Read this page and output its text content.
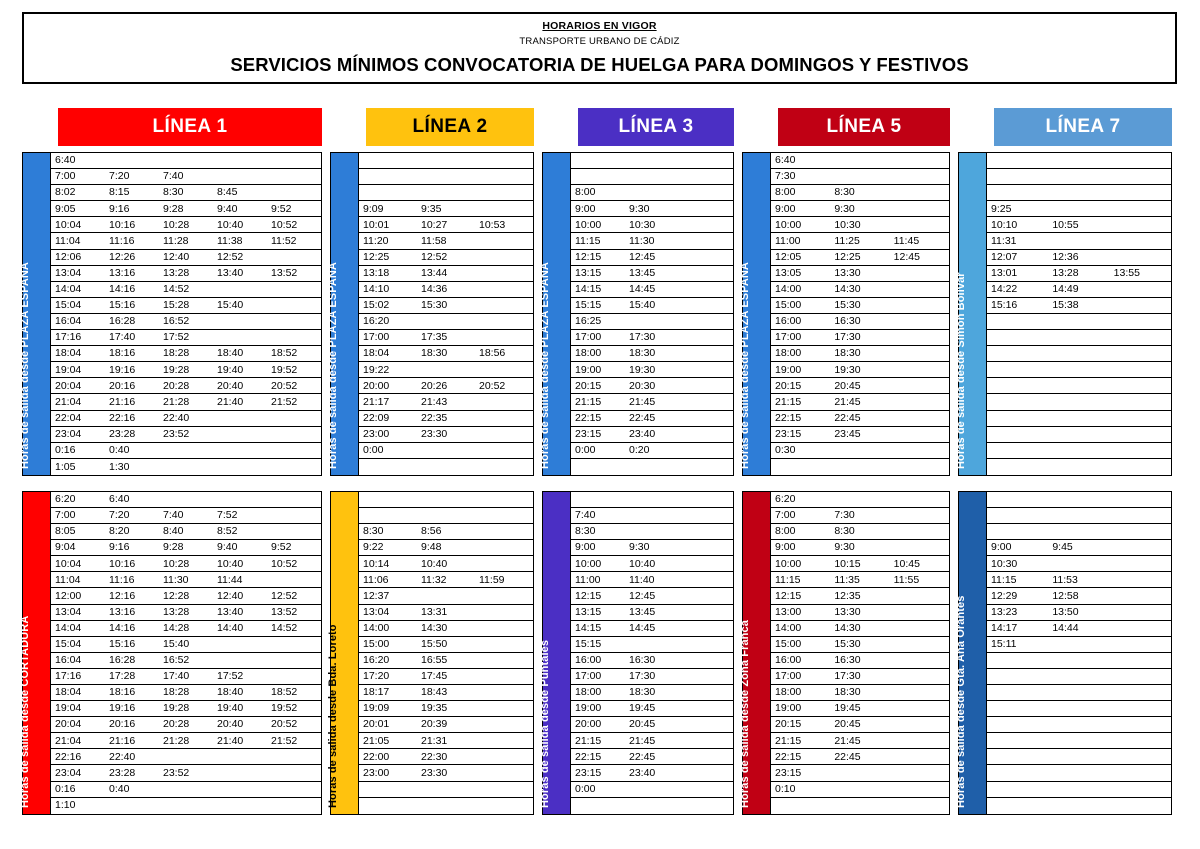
HORARIOS EN VIGOR
TRANSPORTE URBANO DE CÁDIZ
SERVICIOS MÍNIMOS CONVOCATORIA DE HUELGA PARA DOMINGOS Y FESTIVOS
LÍNEA 1
Horas de salida desde PLAZA ESPAÑA
6:40
7:00	7:20	7:40
8:02	8:15	8:30	8:45
9:05	9:16	9:28	9:40	9:52
10:04	10:16	10:28	10:40	10:52
11:04	11:16	11:28	11:38	11:52
12:06	12:26	12:40	12:52
13:04	13:16	13:28	13:40	13:52
14:04	14:16	14:52
15:04	15:16	15:28	15:40
16:04	16:28	16:52
17:16	17:40	17:52
18:04	18:16	18:28	18:40	18:52
19:04	19:16	19:28	19:40	19:52
20:04	20:16	20:28	20:40	20:52
21:04	21:16	21:28	21:40	21:52
22:04	22:16	22:40
23:04	23:28	23:52
0:16	0:40
1:05	1:30
Horas de salida desde CORTADURA
6:20	6:40
7:00	7:20	7:40	7:52
8:05	8:20	8:40	8:52
9:04	9:16	9:28	9:40	9:52
10:04	10:16	10:28	10:40	10:52
11:04	11:16	11:30	11:44
12:00	12:16	12:28	12:40	12:52
13:04	13:16	13:28	13:40	13:52
14:04	14:16	14:28	14:40	14:52
15:04	15:16	15:40
16:04	16:28	16:52
17:16	17:28	17:40	17:52
18:04	18:16	18:28	18:40	18:52
19:04	19:16	19:28	19:40	19:52
20:04	20:16	20:28	20:40	20:52
21:04	21:16	21:28	21:40	21:52
22:16	22:40
23:04	23:28	23:52
0:16	0:40
1:10
LÍNEA 2
Horas de salida desde PLAZA ESPAÑA
9:09	9:35
10:01	10:27	10:53
11:20	11:58
12:25	12:52
13:18	13:44
14:10	14:36
15:02	15:30
16:20
17:00	17:35
18:04	18:30	18:56
19:22
20:00	20:26	20:52
21:17	21:43
22:09	22:35
23:00	23:30
0:00
Horas de salida desde Bda. Loreto
8:30	8:56
9:22	9:48
10:14	10:40
11:06	11:32	11:59
12:37
13:04	13:31
14:00	14:30
15:00	15:50
16:20	16:55
17:20	17:45
18:17	18:43
19:09	19:35
20:01	20:39
21:05	21:31
22:00	22:30
23:00	23:30
LÍNEA 3
Horas de salida desde PLAZA ESPAÑA
8:00
9:00	9:30
10:00	10:30
11:15	11:30
12:15	12:45
13:15	13:45
14:15	14:45
15:15	15:40
16:25
17:00	17:30
18:00	18:30
19:00	19:30
20:15	20:30
21:15	21:45
22:15	22:45
23:15	23:40
0:00	0:20
Horas de salida desde Puntales
7:40
8:30
9:00	9:30
10:00	10:40
11:00	11:40
12:15	12:45
13:15	13:45
14:15	14:45
15:15
16:00	16:30
17:00	17:30
18:00	18:30
19:00	19:45
20:00	20:45
21:15	21:45
22:15	22:45
23:15	23:40
0:00
LÍNEA 5
Horas de salida desde PLAZA ESPAÑA
6:40
7:30
8:00	8:30
9:00	9:30
10:00	10:30
11:00	11:25	11:45
12:05	12:25	12:45
13:05	13:30
14:00	14:30
15:00	15:30
16:00	16:30
17:00	17:30
18:00	18:30
19:00	19:30
20:15	20:45
21:15	21:45
22:15	22:45
23:15	23:45
0:30
Horas de salida desde Zona Franca
6:20
7:00	7:30
8:00	8:30
9:00	9:30
10:00	10:15	10:45
11:15	11:35	11:55
12:15	12:35
13:00	13:30
14:00	14:30
15:00	15:30
16:00	16:30
17:00	17:30
18:00	18:30
19:00	19:45
20:15	20:45
21:15	21:45
22:15	22:45
23:15
0:10
LÍNEA 7
Horas de salida desde Simón Bolívar
9:25
10:10	10:55
11:31
12:07	12:36
13:01	13:28	13:55
14:22	14:49
15:16	15:38
Horas de salida desde Gta. Ana Orantes
9:00	9:45
10:30
11:15	11:53
12:29	12:58
13:23	13:50
14:17	14:44
15:11
